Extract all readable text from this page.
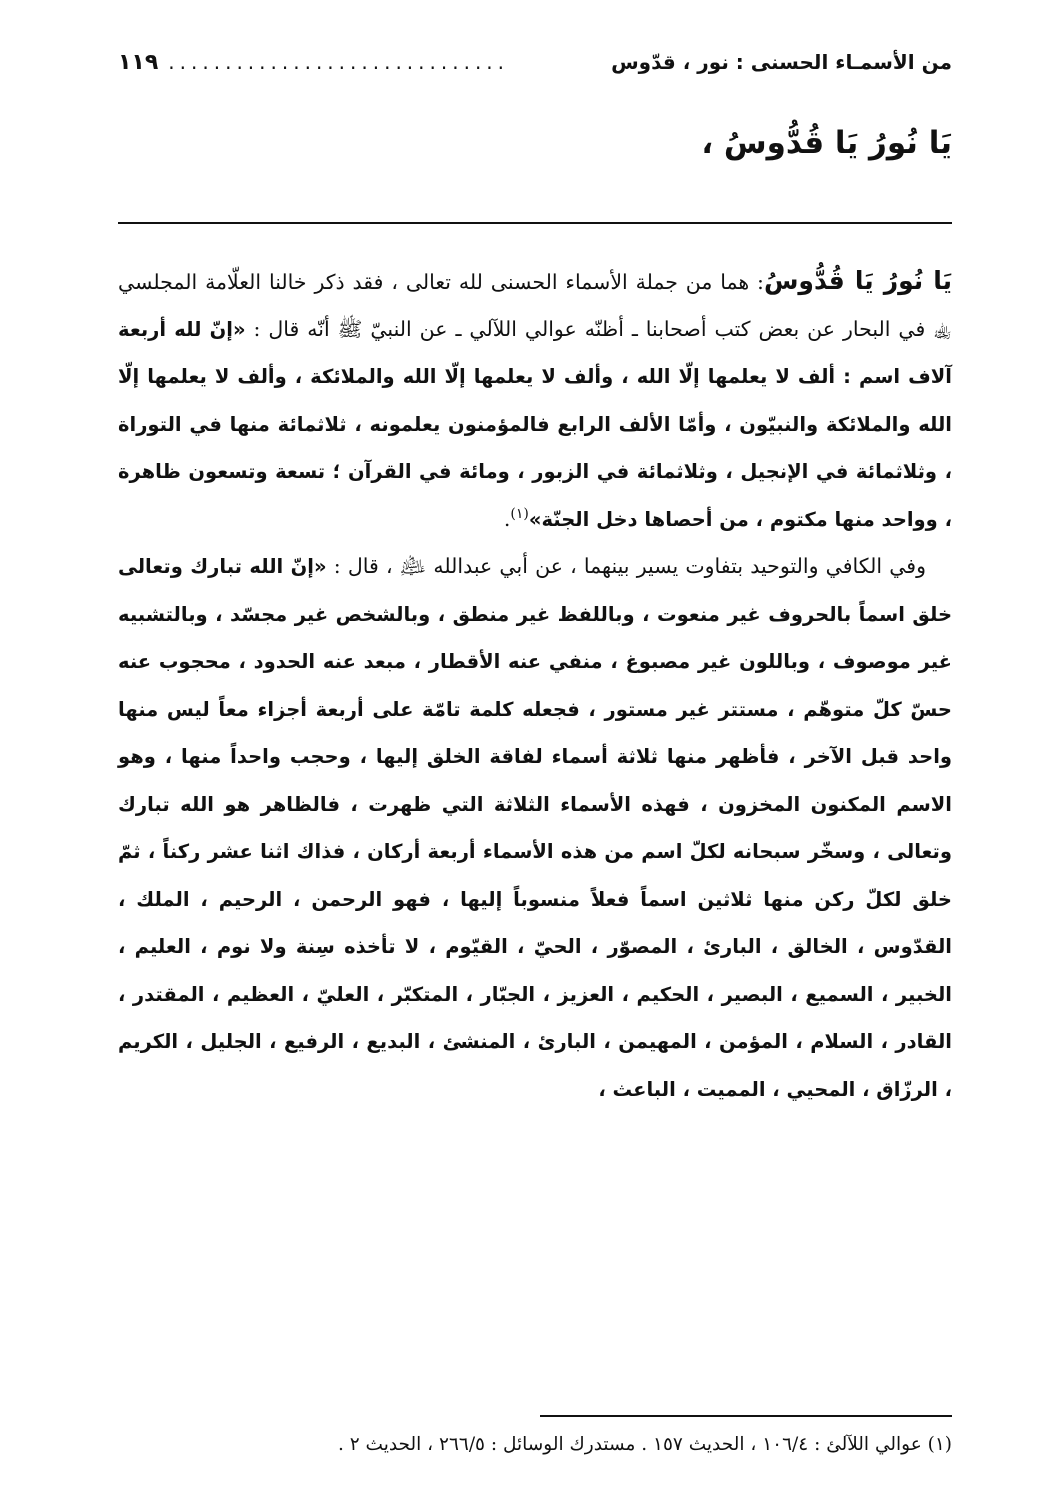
من الأسمـاء الحسنى : نور ، قدّوس
..............................
١١٩
يَا نُورُ يَا قُدُّوسُ ،

يَا نُورُ يَا قُدُّوسُ: هما من جملة الأسماء الحسنى لله تعالى ، فقد ذكر خالنا العلّامة المجلسي ﵀ في البحار عن بعض كتب أصحابنا ـ أظنّه عوالي اللآلي ـ عن النبيّ ﷺ أنّه قال : «إنّ لله أربعة آلاف اسم : ألف لا يعلمها إلّا الله ، وألف لا يعلمها إلّا الله والملائكة ، وألف لا يعلمها إلّا الله والملائكة والنبيّون ، وأمّا الألف الرابع فالمؤمنون يعلمونه ، ثلاثمائة منها في التوراة ، وثلاثمائة في الإنجيل ، وثلاثمائة في الزبور ، ومائة في القرآن ؛ تسعة وتسعون ظاهرة ، وواحد منها مكتوم ، من أحصاها دخل الجنّة»$^{(١)}$.

وفي الكافي والتوحيد بتفاوت يسير بينهما ، عن أبي عبدالله ﵇ ، قال : «إنّ الله تبارك وتعالى خلق اسماً بالحروف غير منعوت ، وباللفظ غير منطق ، وبالشخص غير مجسّد ، وبالتشبيه غير موصوف ، وباللون غير مصبوغ ، منفي عنه الأقطار ، مبعد عنه الحدود ، محجوب عنه حسّ كلّ متوهّم ، مستتر غير مستور ، فجعله كلمة تامّة على أربعة أجزاء معاً ليس منها واحد قبل الآخر ، فأظهر منها ثلاثة أسماء لفاقة الخلق إليها ، وحجب واحداً منها ، وهو الاسم المكنون المخزون ، فهذه الأسماء الثلاثة التي ظهرت ، فالظاهر هو الله تبارك وتعالى ، وسخّر سبحانه لكلّ اسم من هذه الأسماء أربعة أركان ، فذاك اثنا عشر ركناً ، ثمّ خلق لكلّ ركن منها ثلاثين اسماً فعلاً منسوباً إليها ، فهو الرحمن ، الرحيم ، الملك ، القدّوس ، الخالق ، البارئ ، المصوّر ، الحيّ ، القيّوم ، لا تأخذه سِنة ولا نوم ، العليم ، الخبير ، السميع ، البصير ، الحكيم ، العزيز ، الجبّار ، المتكبّر ، العليّ ، العظيم ، المقتدر ، القادر ، السلام ، المؤمن ، المهيمن ، البارئ ، المنشئ ، البديع ، الرفيع ، الجليل ، الكريم ، الرزّاق ، المحيي ، المميت ، الباعث ،

(١) عوالي اللآلئ : ١٠٦/٤ ، الحديث ١٥٧ . مستدرك الوسائل : ٢٦٦/٥ ، الحديث ٢ .
